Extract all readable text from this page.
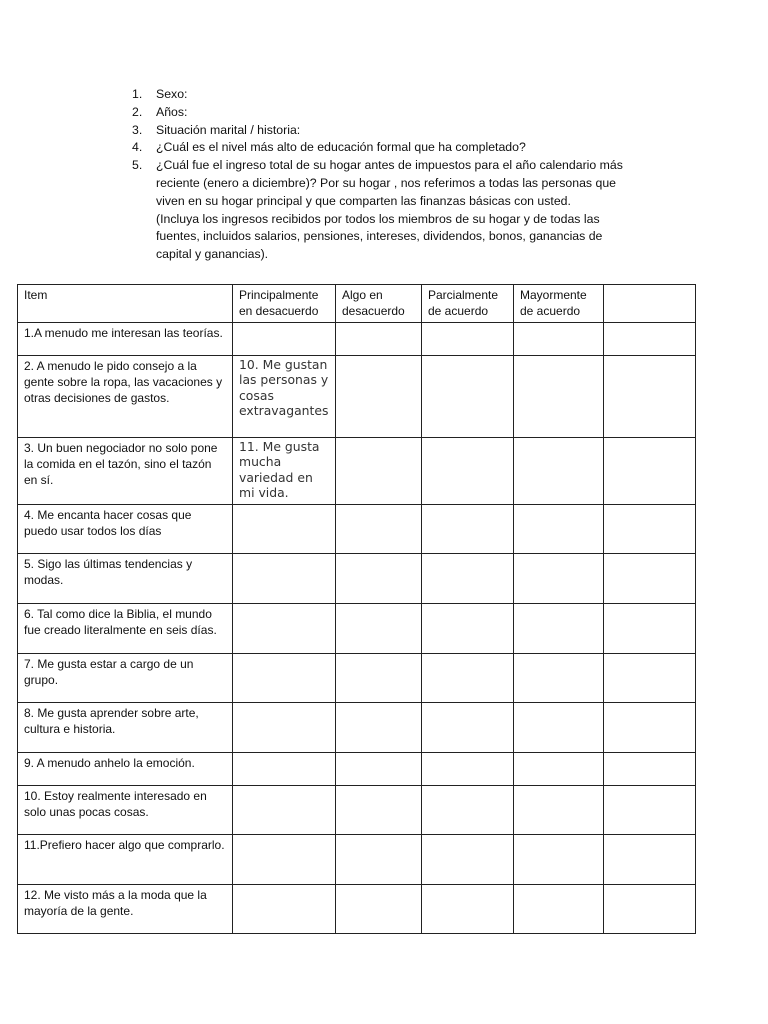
1. Sexo:
2. Años:
3. Situación marital / historia:
4. ¿Cuál es el nivel más alto de educación formal que ha completado?
5. ¿Cuál fue el ingreso total de su hogar antes de impuestos para el año calendario más reciente (enero a diciembre)? Por su hogar , nos referimos a todas las personas que viven en su hogar principal y que comparten las finanzas básicas con usted.
(Incluya los ingresos recibidos por todos los miembros de su hogar y de todas las fuentes, incluidos salarios, pensiones, intereses, dividendos, bonos, ganancias de capital y ganancias).
Item	Principalmente en desacuerdo	Algo en desacuerdo	Parcialmente de acuerdo	Mayormente de acuerdo	
1.A menudo me interesan las teorías.					
2. A menudo le pido consejo a la gente sobre la ropa, las vacaciones y otras decisiones de gastos.	10. Me gustan las personas y cosas extravagantes				
3. Un buen negociador no solo pone la comida en el tazón, sino el tazón en sí.	11. Me gusta mucha variedad en mi vida.				
4. Me encanta hacer cosas que puedo usar todos los días					
5. Sigo las últimas tendencias y modas.					
6. Tal como dice la Biblia, el mundo fue creado literalmente en seis días.					
7. Me gusta estar a cargo de un grupo.					
8. Me gusta aprender sobre arte, cultura e historia.					
9. A menudo anhelo la emoción.					
10. Estoy realmente interesado en solo unas pocas cosas.					
11.Prefiero hacer algo que comprarlo.					
12. Me visto más a la moda que la mayoría de la gente.					
